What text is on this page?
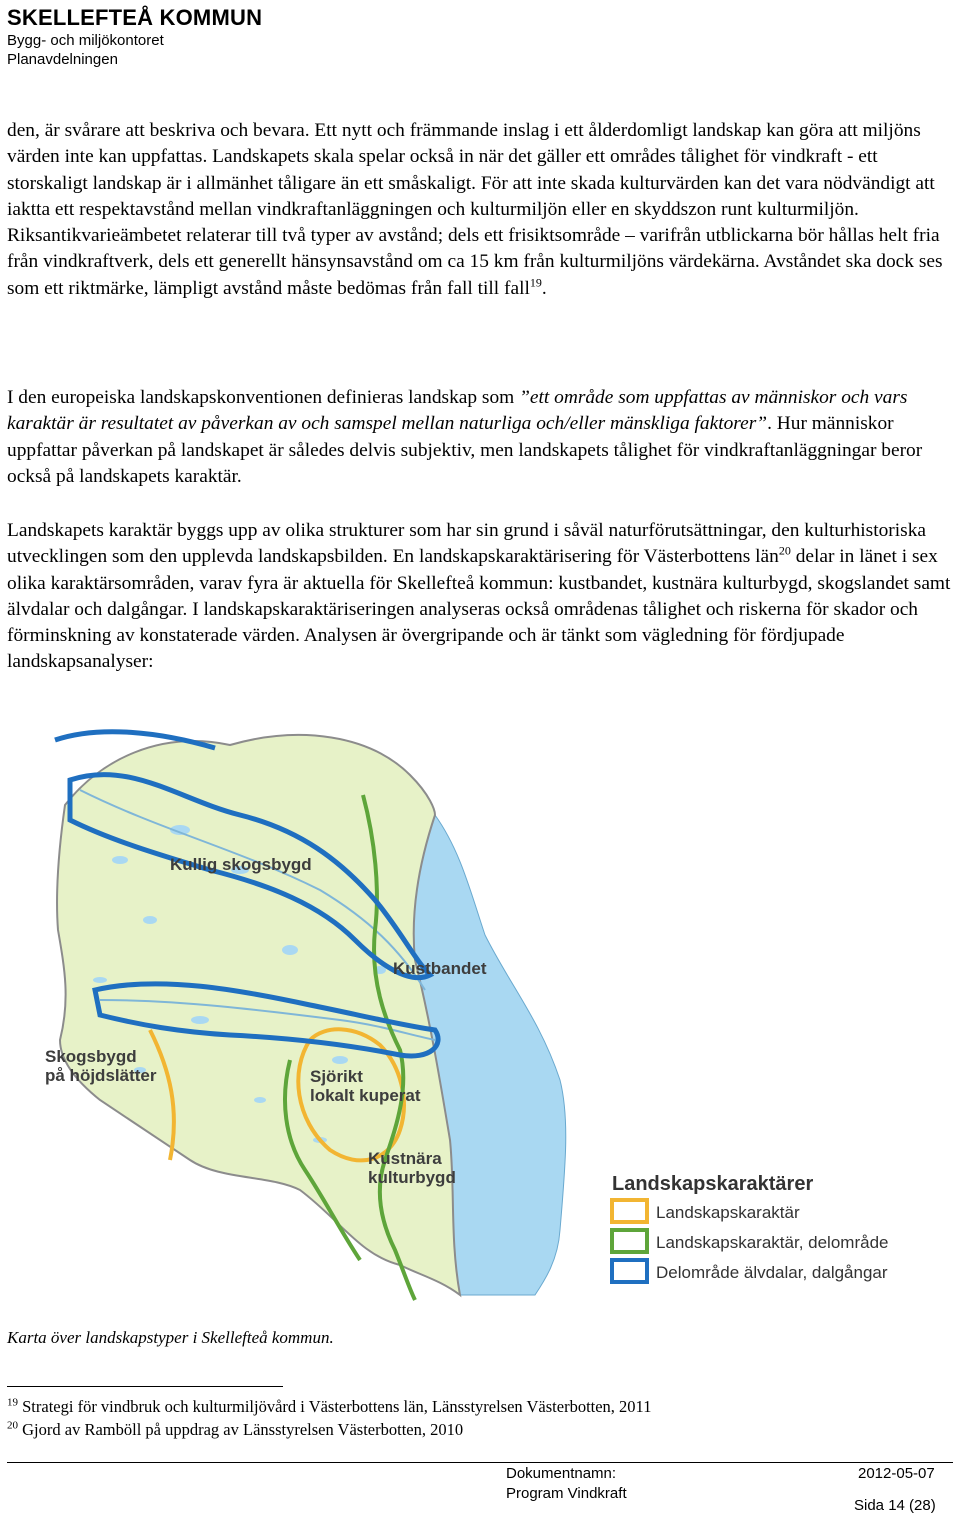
SKELLEFTEÅ KOMMUN
Bygg- och miljökontoret
Planavdelningen

den, är svårare att beskriva och bevara. Ett nytt och främmande inslag i ett ålderdomligt landskap kan göra att miljöns värden inte kan uppfattas. Landskapets skala spelar också in när det gäller ett områdes tålighet för vindkraft - ett storskaligt landskap är i allmänhet tåligare än ett småskaligt. För att inte skada kulturvärden kan det vara nödvändigt att iaktta ett respektavstånd mellan vindkraftanläggningen och kulturmiljön eller en skyddszon runt kulturmiljön. Riksantikvarieämbetet relaterar till två typer av avstånd; dels ett frisiktsområde – varifrån utblickarna bör hållas helt fria från vindkraftverk, dels ett generellt hänsynsavstånd om ca 15 km från kulturmiljöns värdekärna. Avståndet ska dock ses som ett riktmärke, lämpligt avstånd måste bedömas från fall till fall$^{19}$.

I den europeiska landskapskonventionen definieras landskap som ”ett område som uppfattas av människor och vars karaktär är resultatet av påverkan av och samspel mellan naturliga och/eller mänskliga faktorer”. Hur människor uppfattar påverkan på landskapet är således delvis subjektiv, men landskapets tålighet för vindkraftanläggningar beror också på landskapets karaktär.

Landskapets karaktär byggs upp av olika strukturer som har sin grund i såväl naturförutsättningar, den kulturhistoriska utvecklingen som den upplevda landskapsbilden. En landskapskaraktärisering för Västerbottens län$^{20}$ delar in länet i sex olika karaktärsområden, varav fyra är aktuella för Skellefteå kommun: kustbandet, kustnära kulturbygd, skogslandet samt älvdalar och dalgångar. I landskapskaraktäriseringen analyseras också områdenas tålighet och riskerna för skador och förminskning av konstaterade värden. Analysen är övergripande och är tänkt som vägledning för fördjupade landskapsanalyser:

Kullig skogsbygd
Kustbandet
Skogsbygd
på höjdslätter	Sjörikt
lokalt kuperat
Kustnära
kulturbygd	Landskapskaraktärer
Landskapskaraktär
Landskapskaraktär, delområde
Delområde älvdalar, dalgångar
Karta över landskapstyper i Skellefteå kommun.
$^{19}$ Strategi för vindbruk och kulturmiljövård i Västerbottens län, Länsstyrelsen Västerbotten, 2011
$^{20}$ Gjord av Ramböll på uppdrag av Länsstyrelsen Västerbotten, 2010
Dokumentnamn:
Program Vindkraft
2012-05-07
Sida 14 (28)
